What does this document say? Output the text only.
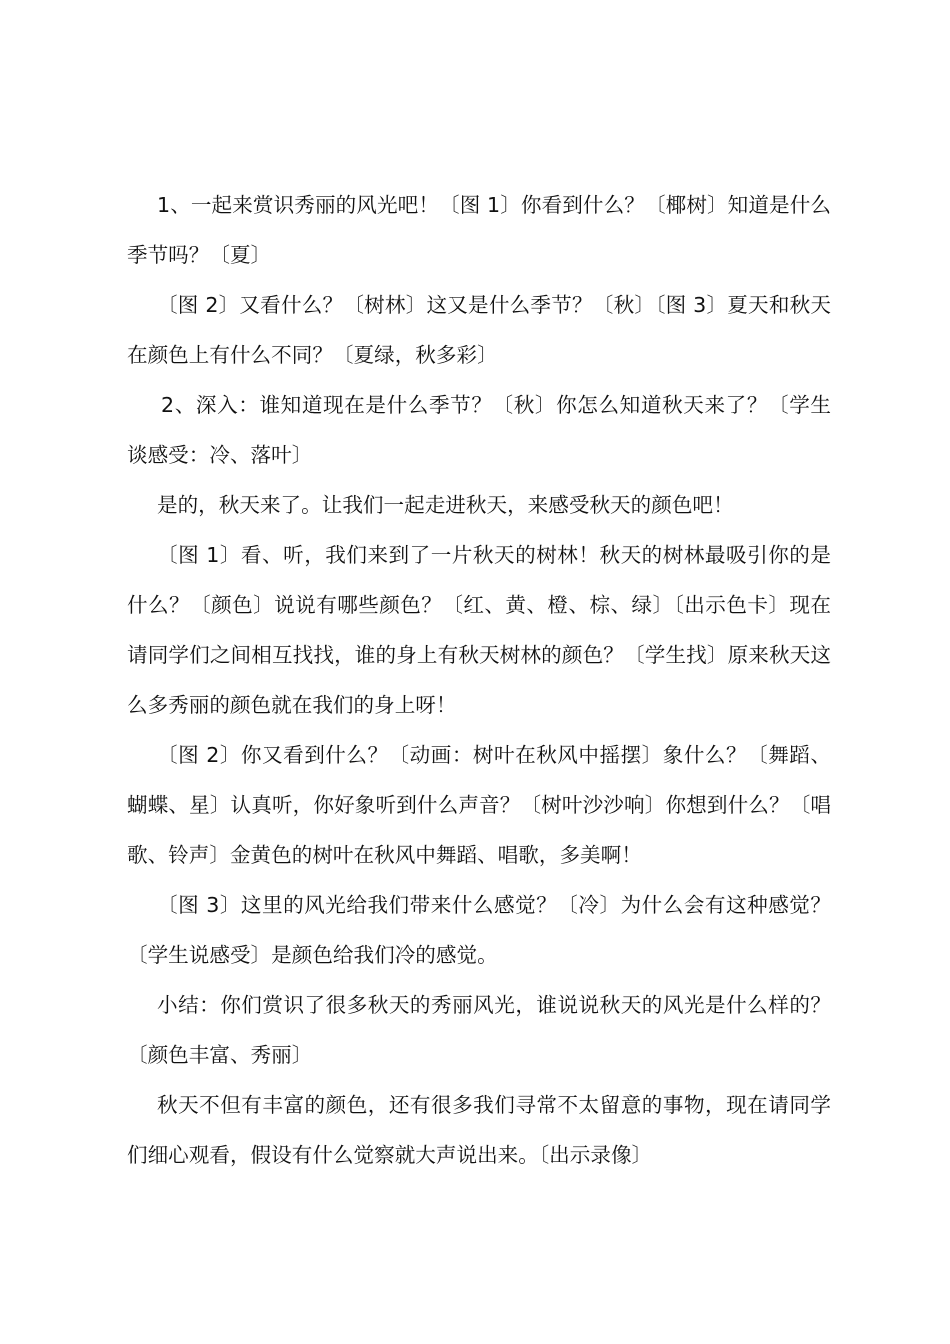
1、一起来赏识秀丽的风光吧！〔图 1〕你看到什么？〔椰树〕知道是什么季节吗？〔夏〕

〔图 2〕又看什么？〔树林〕这又是什么季节？〔秋〕〔图 3〕夏天和秋天在颜色上有什么不同？〔夏绿，秋多彩〕

2、深入：谁知道现在是什么季节？〔秋〕你怎么知道秋天来了？〔学生谈感受：冷、落叶〕

是的，秋天来了。让我们一起走进秋天，来感受秋天的颜色吧！

〔图 1〕看、听，我们来到了一片秋天的树林！秋天的树林最吸引你的是什么？〔颜色〕说说有哪些颜色？〔红、黄、橙、棕、绿〕〔出示色卡〕现在请同学们之间相互找找，谁的身上有秋天树林的颜色？〔学生找〕原来秋天这么多秀丽的颜色就在我们的身上呀！

〔图 2〕你又看到什么？〔动画：树叶在秋风中摇摆〕象什么？〔舞蹈、蝴蝶、星〕认真听，你好象听到什么声音？〔树叶沙沙响〕你想到什么？〔唱歌、铃声〕金黄色的树叶在秋风中舞蹈、唱歌，多美啊！

〔图 3〕这里的风光给我们带来什么感觉？〔冷〕为什么会有这种感觉？〔学生说感受〕是颜色给我们冷的感觉。

小结：你们赏识了很多秋天的秀丽风光，谁说说秋天的风光是什么样的？〔颜色丰富、秀丽〕

秋天不但有丰富的颜色，还有很多我们寻常不太留意的事物，现在请同学们细心观看，假设有什么觉察就大声说出来。〔出示录像〕
